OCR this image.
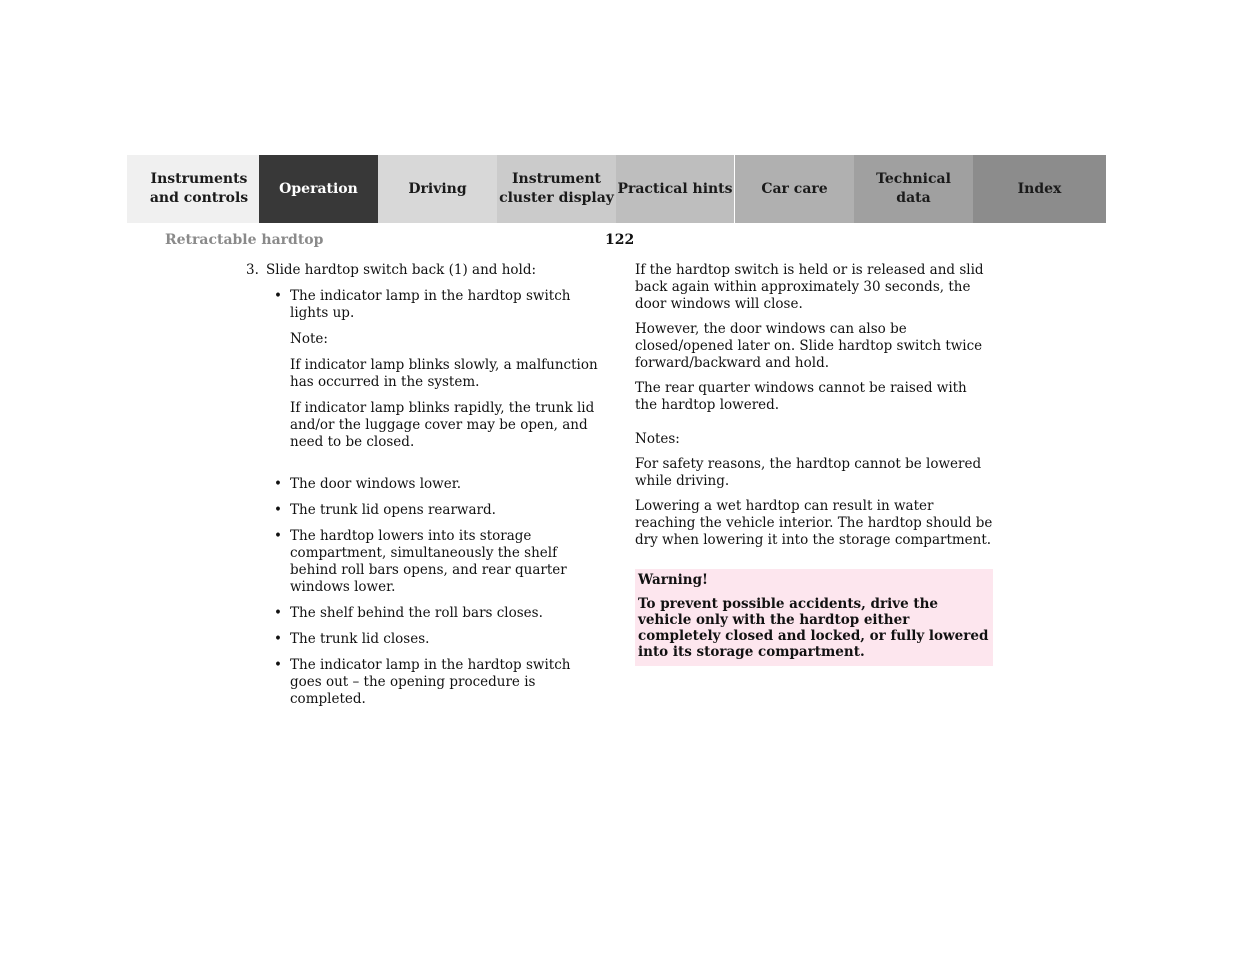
Instruments
and controls
Operation	Driving
Instrument
cluster display
Practical hints Car care
Technical
data
Index
Retractable hardtop	122
3. Slide hardtop switch back (1) and hold:
• The indicator lamp in the hardtop switch lights up.

Note:

If indicator lamp blinks slowly, a malfunction has occurred in the system.

If indicator lamp blinks rapidly, the trunk lid and/or the luggage cover may be open, and need to be closed.

• The door windows lower.

• The trunk lid opens rearward.

• The hardtop lowers into its storage compartment, simultaneously the shelf behind roll bars opens, and rear quarter windows lower.

• The shelf behind the roll bars closes.

• The trunk lid closes.

• The indicator lamp in the hardtop switch goes out – the opening procedure is completed.

If the hardtop switch is held or is released and slid back again within approximately 30 seconds, the door windows will close.

However, the door windows can also be closed/opened later on. Slide hardtop switch twice forward/backward and hold.

The rear quarter windows cannot be raised with the hardtop lowered.

Notes:

For safety reasons, the hardtop cannot be lowered while driving.

Lowering a wet hardtop can result in water reaching the vehicle interior. The hardtop should be dry when lowering it into the storage compartment.

Warning!
To prevent possible accidents, drive the vehicle only with the hardtop either completely closed and locked, or fully lowered into its storage compartment.
